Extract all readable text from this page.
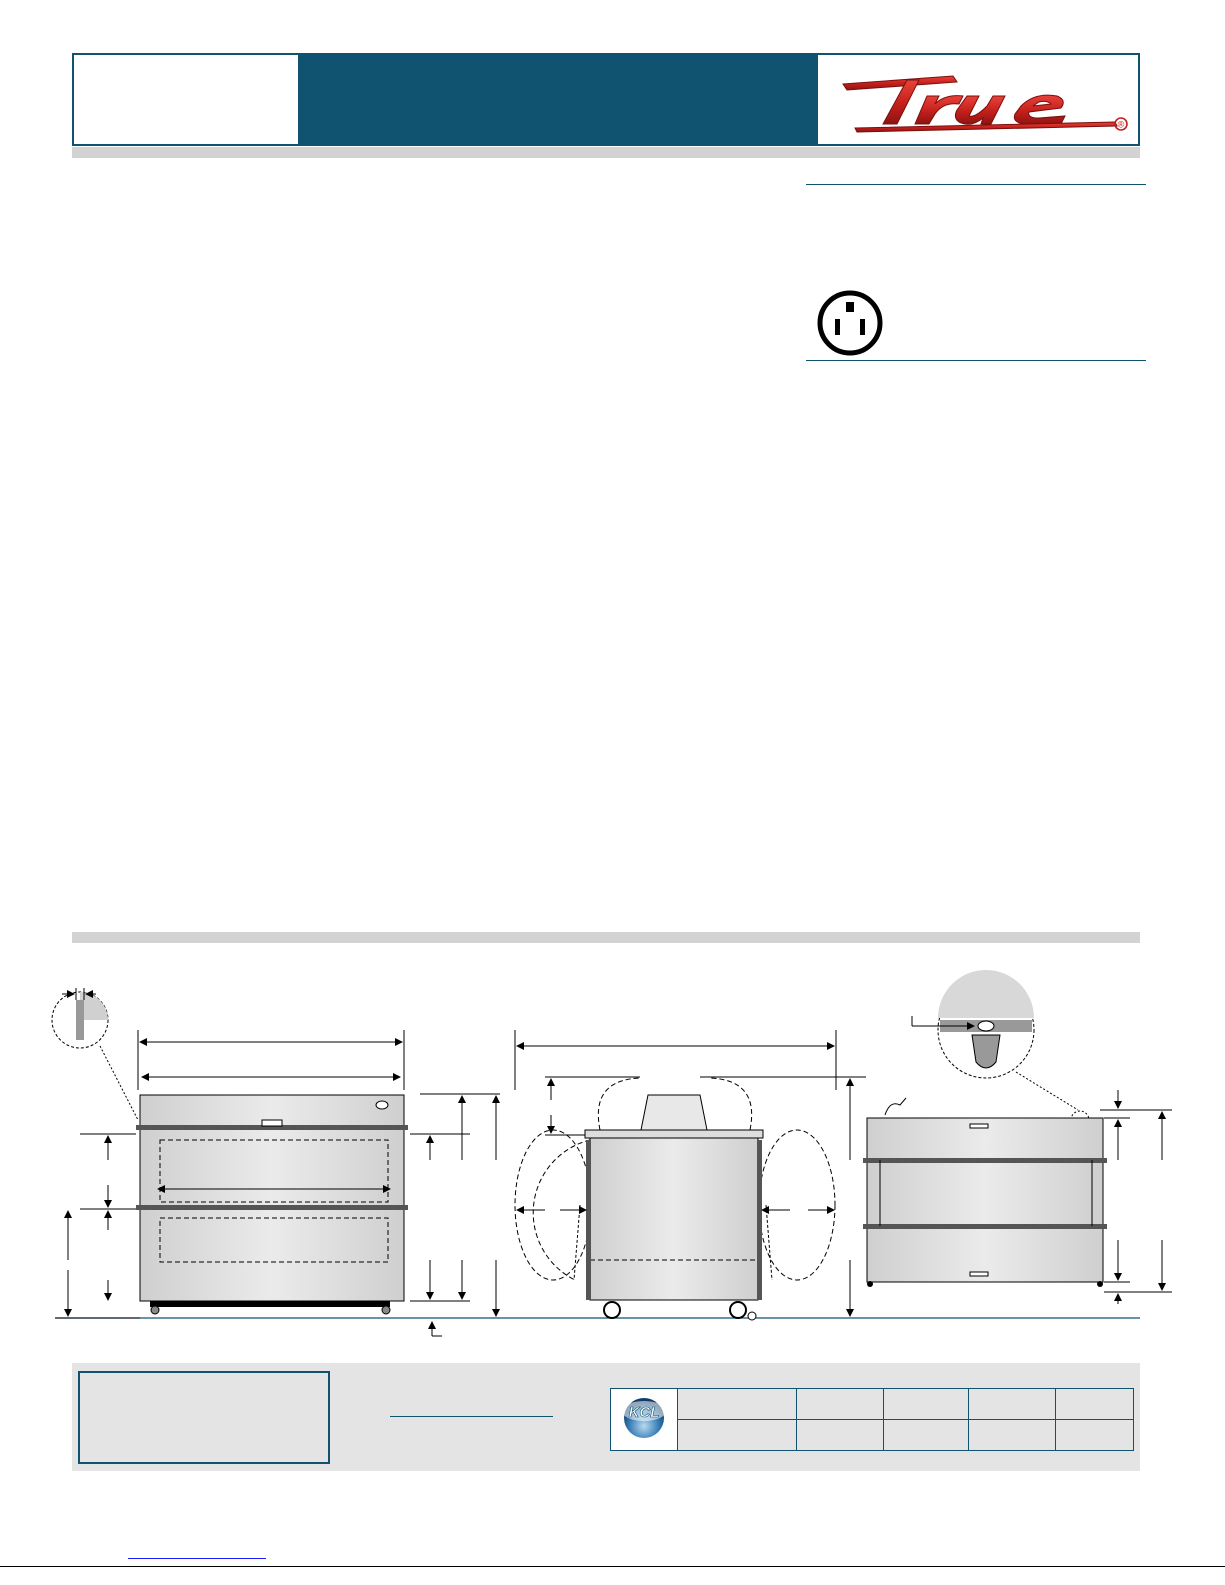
®
KCL					
